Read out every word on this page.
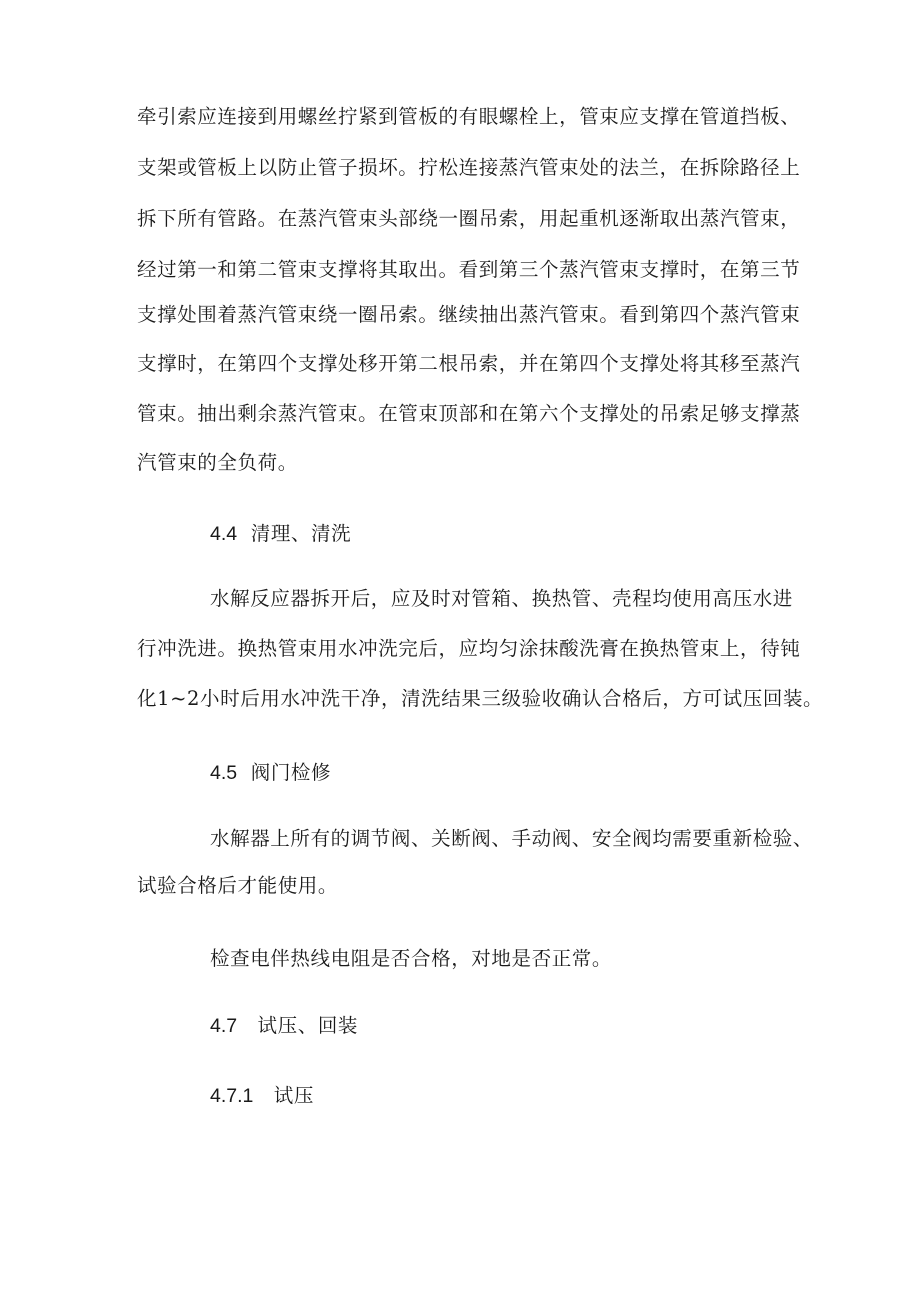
牵引索应连接到用螺丝拧紧到管板的有眼螺栓上，管束应支撑在管道挡板、
支架或管板上以防止管子损坏。拧松连接蒸汽管束处的法兰，在拆除路径上
拆下所有管路。在蒸汽管束头部绕一圈吊索，用起重机逐渐取出蒸汽管束，
经过第一和第二管束支撑将其取出。看到第三个蒸汽管束支撑时，在第三节
支撑处围着蒸汽管束绕一圈吊索。继续抽出蒸汽管束。看到第四个蒸汽管束
支撑时，在第四个支撑处移开第二根吊索，并在第四个支撑处将其移至蒸汽
管束。抽出剩余蒸汽管束。在管束顶部和在第六个支撑处的吊索足够支撑蒸
汽管束的全负荷。
4.4 清理、清洗
水解反应器拆开后，应及时对管箱、换热管、壳程均使用高压水进
行冲洗进。换热管束用水冲洗完后，应均匀涂抹酸洗膏在换热管束上，待钝
化1~2小时后用水冲洗干净，清洗结果三级验收确认合格后，方可试压回装。
4.5 阀门检修
水解器上所有的调节阀、关断阀、手动阀、安全阀均需要重新检验、
试验合格后才能使用。
检查电伴热线电阻是否合格，对地是否正常。
4.7 试压、回装
4.7.1 试压
